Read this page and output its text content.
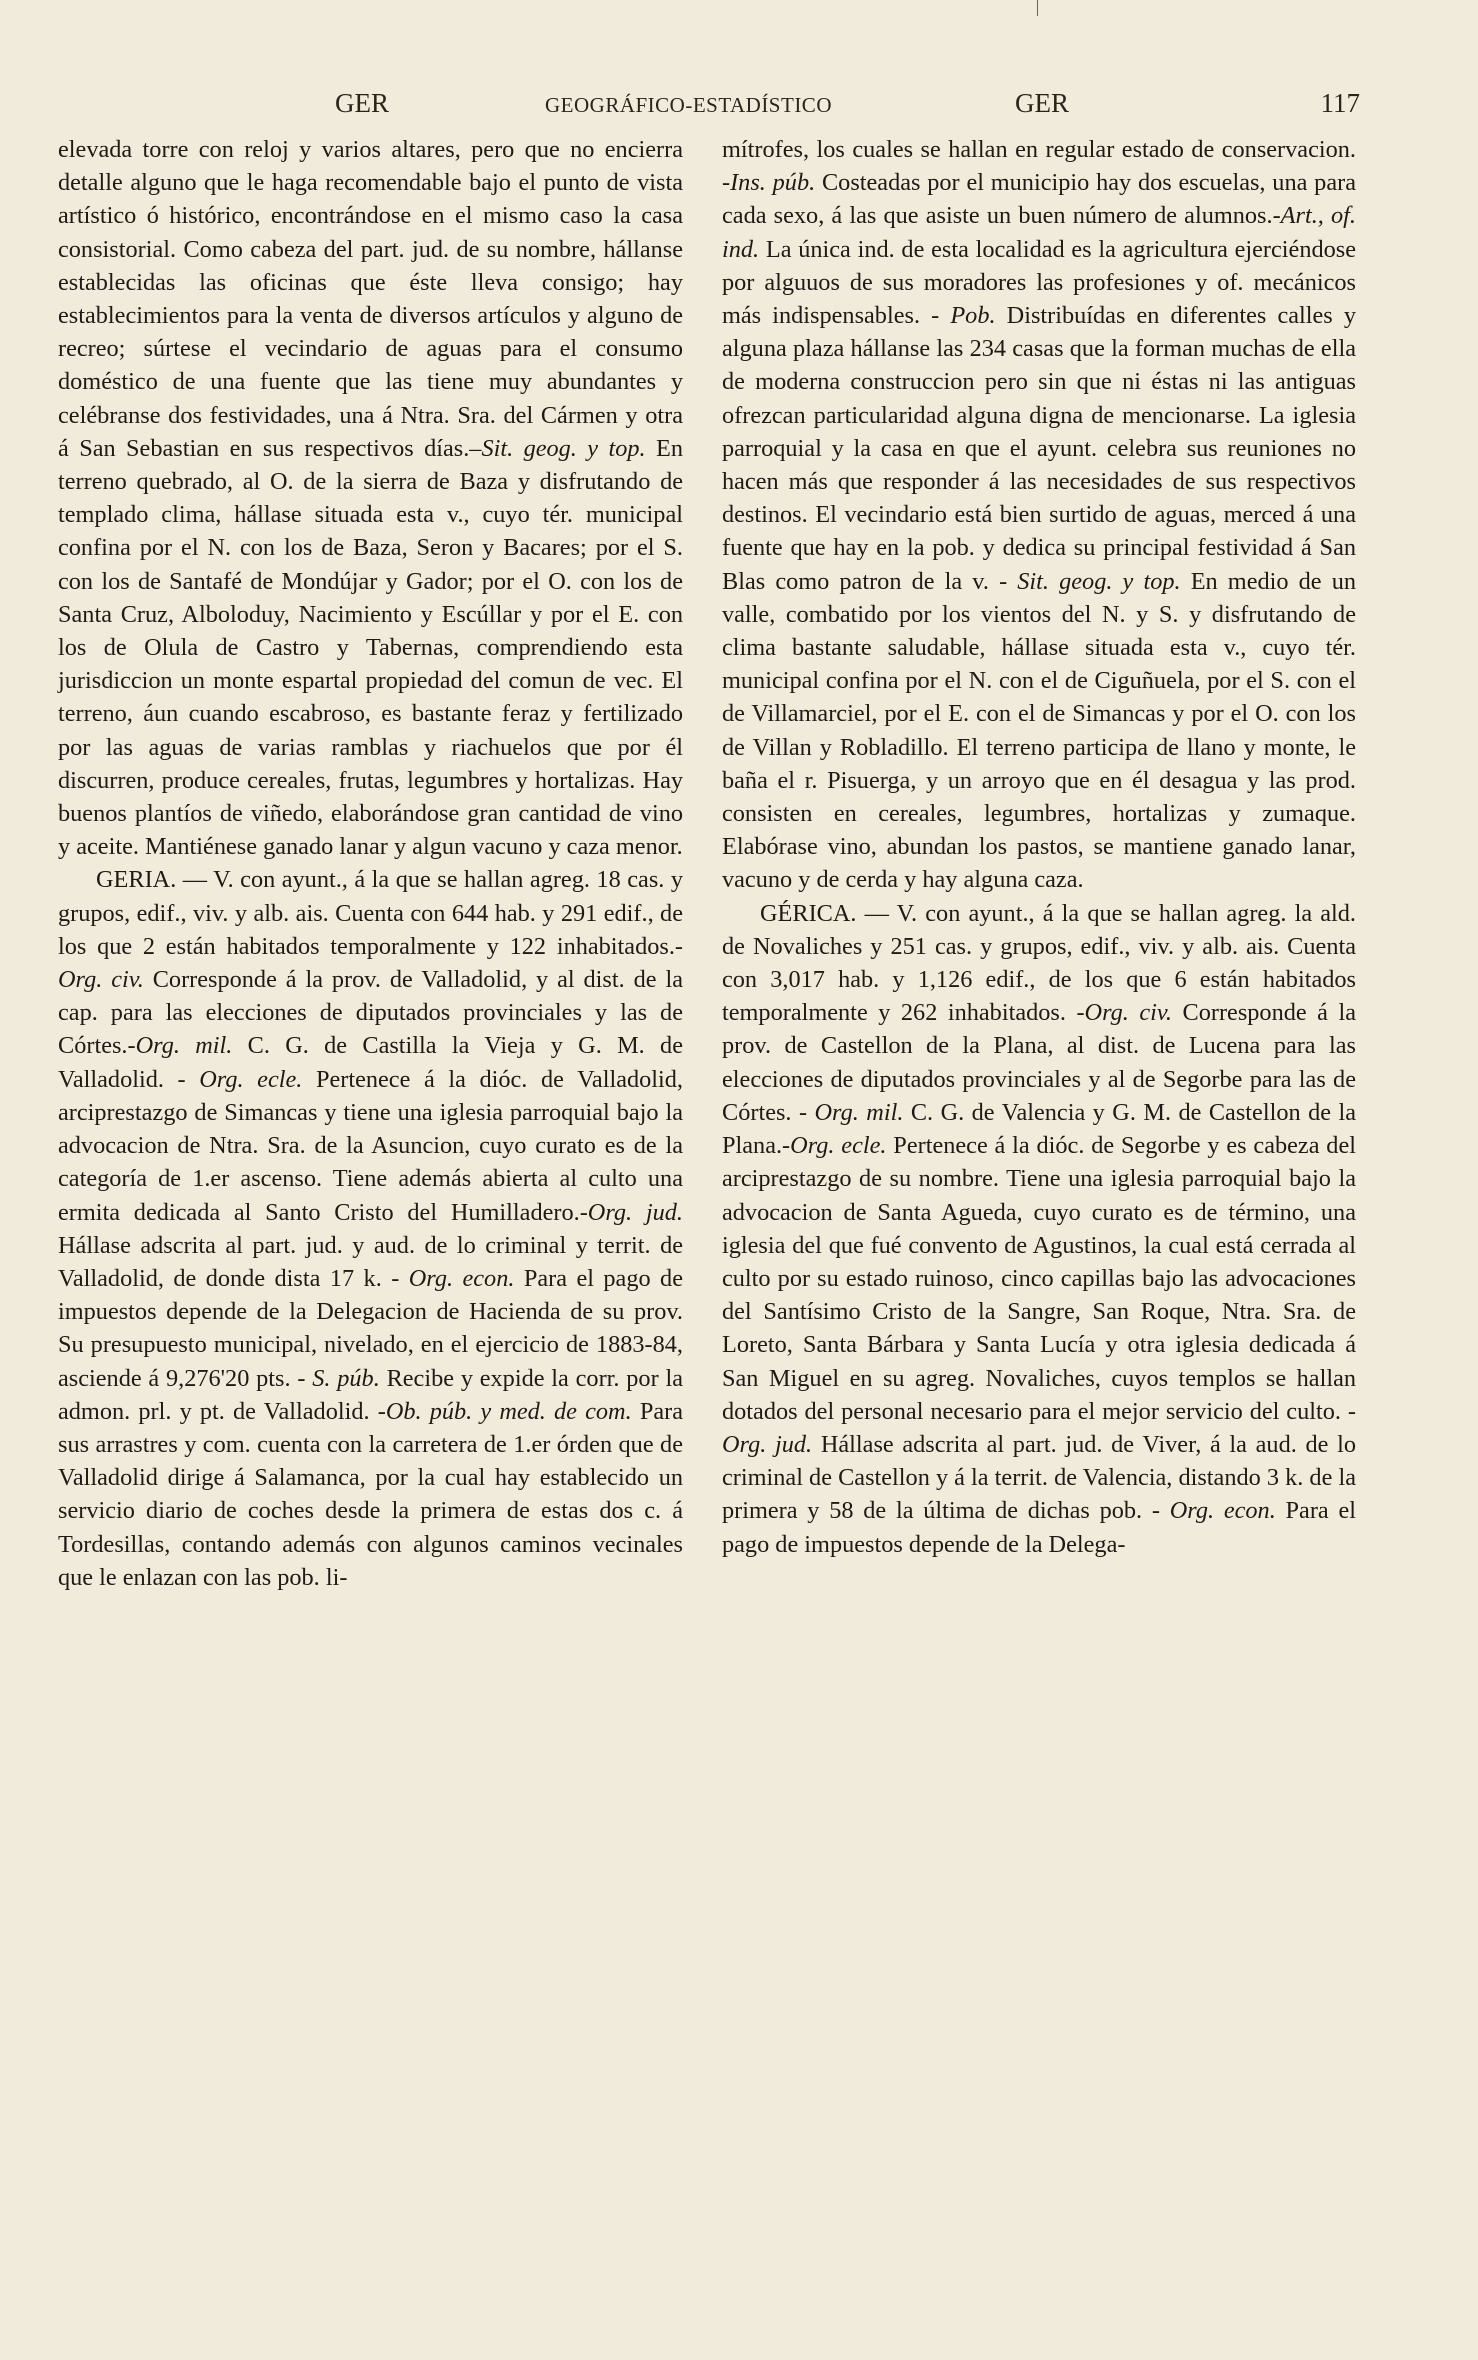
GER	GEOGRÁFICO-ESTADÍSTICO	GER	117

elevada torre con reloj y varios altares, pero que no encierra detalle alguno que le haga recomendable bajo el punto de vista artístico ó histórico, encontrándose en el mismo caso la casa consistorial. Como cabeza del part. jud. de su nombre, hállanse establecidas las oficinas que éste lleva consigo; hay establecimientos para la venta de diversos artículos y alguno de recreo; súrtese el vecindario de aguas para el consumo doméstico de una fuente que las tiene muy abundantes y celébranse dos festividades, una á Ntra. Sra. del Cármen y otra á San Sebastian en sus respectivos días.–Sit. geog. y top. En terreno quebrado, al O. de la sierra de Baza y disfrutando de templado clima, hállase situada esta v., cuyo tér. municipal confina por el N. con los de Baza, Seron y Bacares; por el S. con los de Santafé de Mondújar y Gador; por el O. con los de Santa Cruz, Alboloduy, Nacimiento y Escúllar y por el E. con los de Olula de Castro y Tabernas, comprendiendo esta jurisdiccion un monte espartal propiedad del comun de vec. El terreno, áun cuando escabroso, es bastante feraz y fertilizado por las aguas de varias ramblas y riachuelos que por él discurren, produce cereales, frutas, legumbres y hortalizas. Hay buenos plantíos de viñedo, elaborándose gran cantidad de vino y aceite. Mantiénese ganado lanar y algun vacuno y caza menor.

GERIA. — V. con ayunt., á la que se hallan agreg. 18 cas. y grupos, edif., viv. y alb. ais. Cuenta con 644 hab. y 291 edif., de los que 2 están habitados temporalmente y 122 inhabitados.-Org. civ. Corresponde á la prov. de Valladolid, y al dist. de la cap. para las elecciones de diputados provinciales y las de Córtes.-Org. mil. C. G. de Castilla la Vieja y G. M. de Valladolid. - Org. ecle. Pertenece á la dióc. de Valladolid, arciprestazgo de Simancas y tiene una iglesia parroquial bajo la advocacion de Ntra. Sra. de la Asuncion, cuyo curato es de la categoría de 1.er ascenso. Tiene además abierta al culto una ermita dedicada al Santo Cristo del Humilladero.-Org. jud. Hállase adscrita al part. jud. y aud. de lo criminal y territ. de Valladolid, de donde dista 17 k. - Org. econ. Para el pago de impuestos depende de la Delegacion de Hacienda de su prov. Su presupuesto municipal, nivelado, en el ejercicio de 1883-84, asciende á 9,276'20 pts. - S. púb. Recibe y expide la corr. por la admon. prl. y pt. de Valladolid. -Ob. púb. y med. de com. Para sus arrastres y com. cuenta con la carretera de 1.er órden que de Valladolid dirige á Salamanca, por la cual hay establecido un servicio diario de coches desde la primera de estas dos c. á Tordesillas, contando además con algunos caminos vecinales que le enlazan con las pob. li-

mítrofes, los cuales se hallan en regular estado de conservacion. -Ins. púb. Costeadas por el municipio hay dos escuelas, una para cada sexo, á las que asiste un buen número de alumnos.-Art., of. ind. La única ind. de esta localidad es la agricultura ejerciéndose por alguuos de sus moradores las profesiones y of. mecánicos más indispensables. - Pob. Distribuídas en diferentes calles y alguna plaza hállanse las 234 casas que la forman muchas de ella de moderna construccion pero sin que ni éstas ni las antiguas ofrezcan particularidad alguna digna de mencionarse. La iglesia parroquial y la casa en que el ayunt. celebra sus reuniones no hacen más que responder á las necesidades de sus respectivos destinos. El vecindario está bien surtido de aguas, merced á una fuente que hay en la pob. y dedica su principal festividad á San Blas como patron de la v. - Sit. geog. y top. En medio de un valle, combatido por los vientos del N. y S. y disfrutando de clima bastante saludable, hállase situada esta v., cuyo tér. municipal confina por el N. con el de Ciguñuela, por el S. con el de Villamarciel, por el E. con el de Simancas y por el O. con los de Villan y Robladillo. El terreno participa de llano y monte, le baña el r. Pisuerga, y un arroyo que en él desagua y las prod. consisten en cereales, legumbres, hortalizas y zumaque. Elabórase vino, abundan los pastos, se mantiene ganado lanar, vacuno y de cerda y hay alguna caza.

GÉRICA. — V. con ayunt., á la que se hallan agreg. la ald. de Novaliches y 251 cas. y grupos, edif., viv. y alb. ais. Cuenta con 3,017 hab. y 1,126 edif., de los que 6 están habitados temporalmente y 262 inhabitados. -Org. civ. Corresponde á la prov. de Castellon de la Plana, al dist. de Lucena para las elecciones de diputados provinciales y al de Segorbe para las de Córtes. - Org. mil. C. G. de Valencia y G. M. de Castellon de la Plana.-Org. ecle. Pertenece á la dióc. de Segorbe y es cabeza del arciprestazgo de su nombre. Tiene una iglesia parroquial bajo la advocacion de Santa Agueda, cuyo curato es de término, una iglesia del que fué convento de Agustinos, la cual está cerrada al culto por su estado ruinoso, cinco capillas bajo las advocaciones del Santísimo Cristo de la Sangre, San Roque, Ntra. Sra. de Loreto, Santa Bárbara y Santa Lucía y otra iglesia dedicada á San Miguel en su agreg. Novaliches, cuyos templos se hallan dotados del personal necesario para el mejor servicio del culto. - Org. jud. Hállase adscrita al part. jud. de Viver, á la aud. de lo criminal de Castellon y á la territ. de Valencia, distando 3 k. de la primera y 58 de la última de dichas pob. - Org. econ. Para el pago de impuestos depende de la Delega-
